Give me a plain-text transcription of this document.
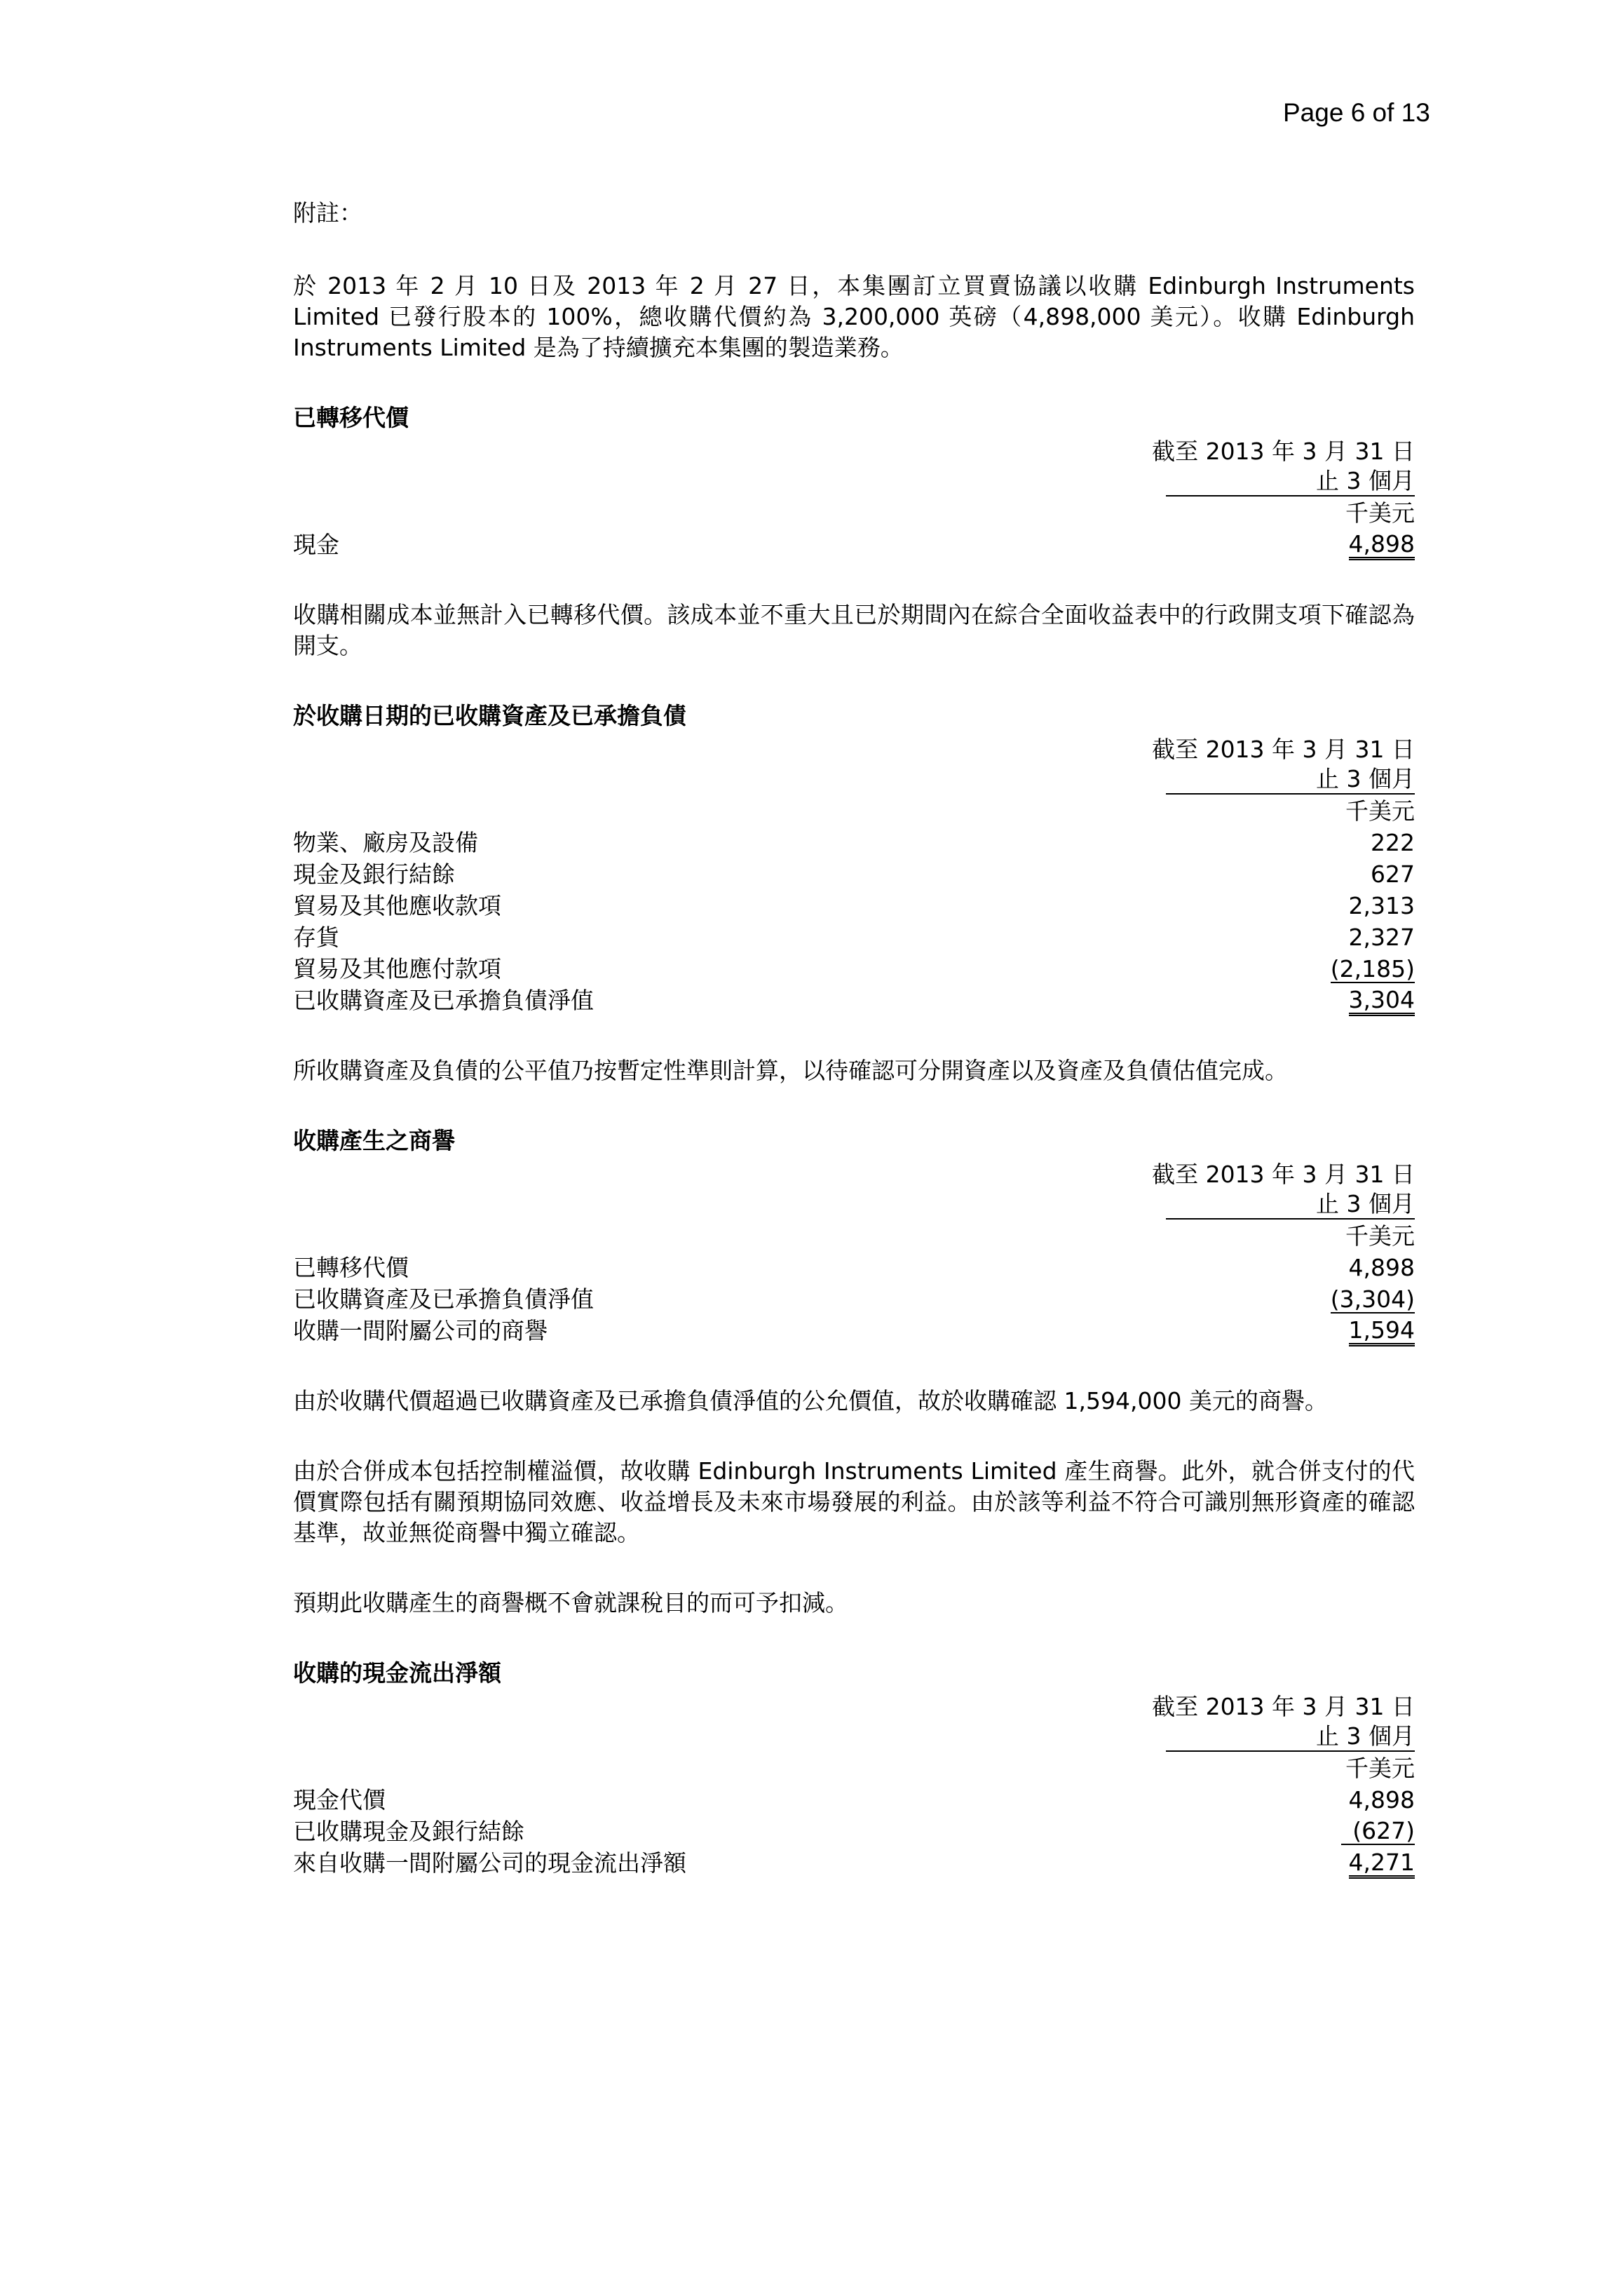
Page 6 of 13

附註：

於 2013 年 2 月 10 日及 2013 年 2 月 27 日，本集團訂立買賣協議以收購 Edinburgh Instruments Limited 已發行股本的 100%，總收購代價約為 3,200,000 英磅（4,898,000 美元）。收購 Edinburgh Instruments Limited 是為了持續擴充本集團的製造業務。

已轉移代價
截至 2013 年 3 月 31 日
止 3 個月
千美元
現金	4,898

收購相關成本並無計入已轉移代價。該成本並不重大且已於期間內在綜合全面收益表中的行政開支項下確認為開支。

於收購日期的已收購資產及已承擔負債
截至 2013 年 3 月 31 日
止 3 個月
千美元
物業、廠房及設備	222
現金及銀行結餘	627
貿易及其他應收款項	2,313
存貨	2,327
貿易及其他應付款項	(2,185)
已收購資產及已承擔負債淨值	3,304

所收購資產及負債的公平值乃按暫定性準則計算，以待確認可分開資產以及資產及負債估值完成。

收購產生之商譽
截至 2013 年 3 月 31 日
止 3 個月
千美元
已轉移代價	4,898
已收購資產及已承擔負債淨值	(3,304)
收購一間附屬公司的商譽	1,594

由於收購代價超過已收購資產及已承擔負債淨值的公允價值，故於收購確認 1,594,000 美元的商譽。

由於合併成本包括控制權溢價，故收購 Edinburgh Instruments Limited 產生商譽。此外，就合併支付的代價實際包括有關預期協同效應、收益增長及未來市場發展的利益。由於該等利益不符合可識別無形資產的確認基準，故並無從商譽中獨立確認。

預期此收購產生的商譽概不會就課稅目的而可予扣減。

收購的現金流出淨額
截至 2013 年 3 月 31 日
止 3 個月
千美元
現金代價	4,898
已收購現金及銀行結餘	(627)
來自收購一間附屬公司的現金流出淨額	4,271
